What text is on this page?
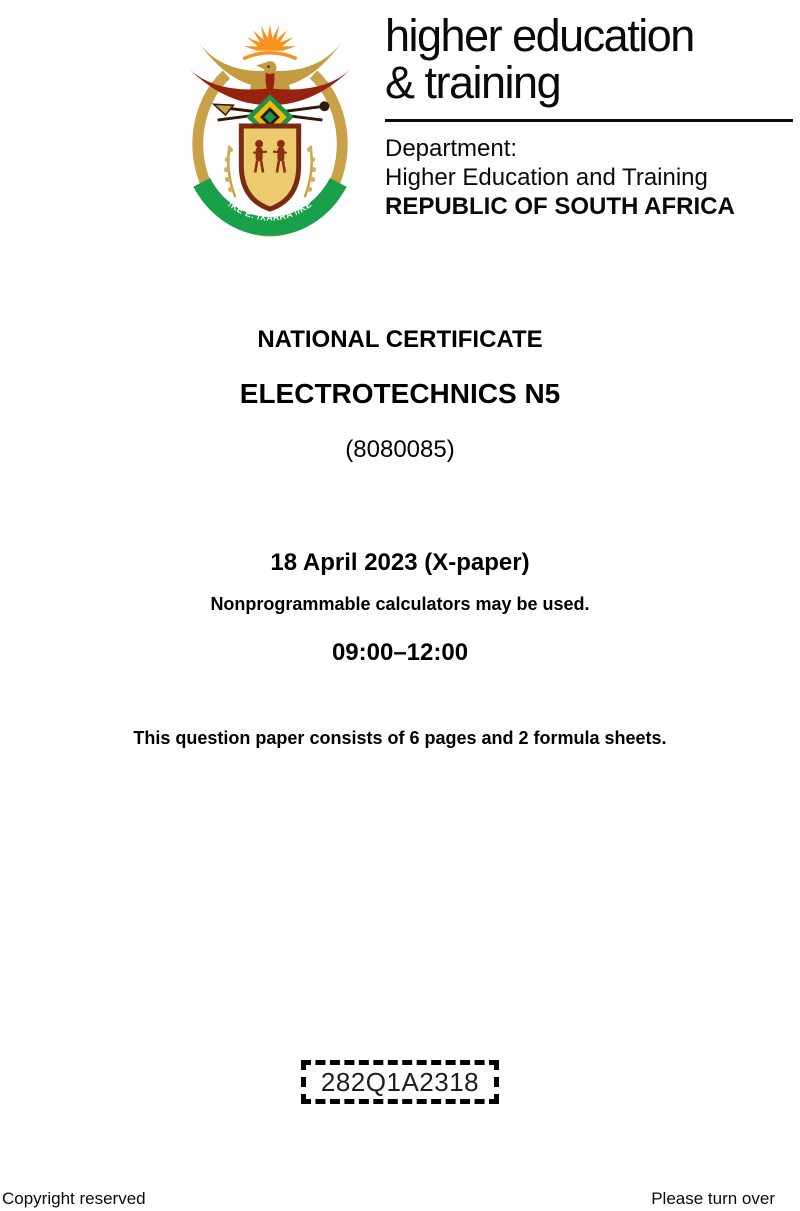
!KE E: /XARRA //KE
higher education
& training
Department:
Higher Education and Training
REPUBLIC OF SOUTH AFRICA
NATIONAL CERTIFICATE
ELECTROTECHNICS N5
(8080085)

18 April 2023 (X-paper)

09:00–12:00

Nonprogrammable calculators may be used.
This question paper consists of 6 pages and 2 formula sheets.
282Q1A2318
Copyright reserved	Please turn over
